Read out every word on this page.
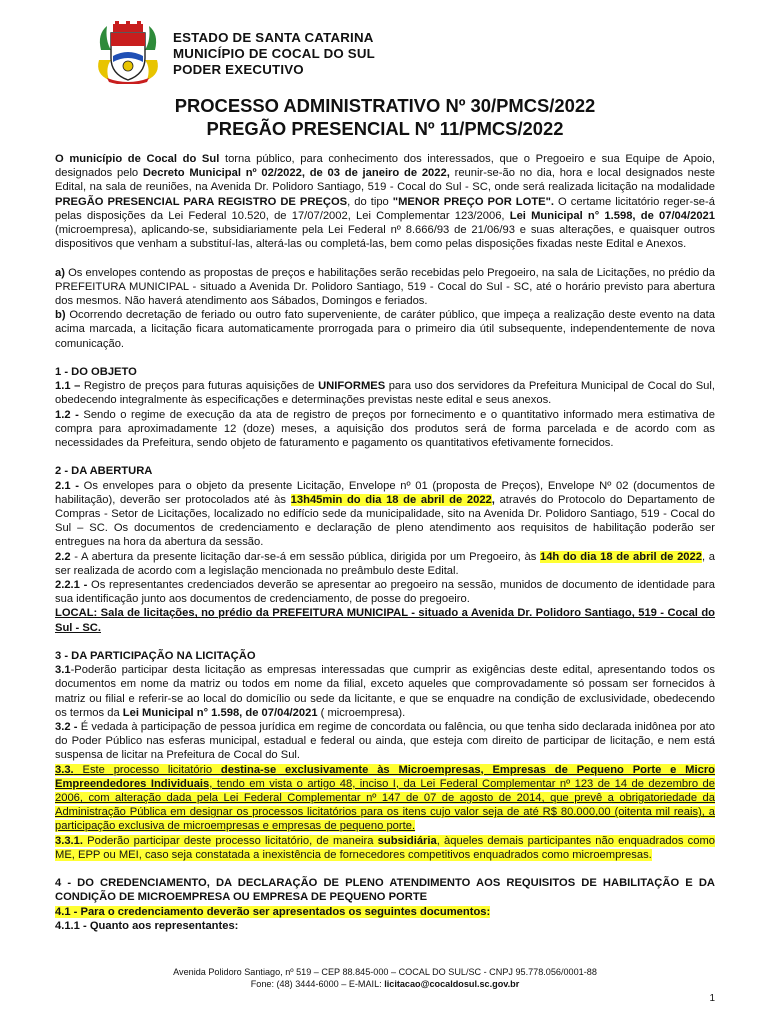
ESTADO DE SANTA CATARINA
MUNICÍPIO DE COCAL DO SUL
PODER EXECUTIVO
PROCESSO ADMINISTRATIVO Nº 30/PMCS/2022
PREGÃO PRESENCIAL Nº 11/PMCS/2022

O município de Cocal do Sul torna público, para conhecimento dos interessados, que o Pregoeiro e sua Equipe de Apoio, designados pelo Decreto Municipal nº 02/2022, de 03 de janeiro de 2022, reunir-se-ão no dia, hora e local designados neste Edital, na sala de reuniões, na Avenida Dr. Polidoro Santiago, 519 - Cocal do Sul - SC, onde será realizada licitação na modalidade PREGÃO PRESENCIAL PARA REGISTRO DE PREÇOS, do tipo "MENOR PREÇO POR LOTE". O certame licitatório reger-se-á pelas disposições da Lei Federal 10.520, de 17/07/2002, Lei Complementar 123/2006, Lei Municipal n° 1.598, de 07/04/2021 (microempresa), aplicando-se, subsidiariamente pela Lei Federal nº 8.666/93 de 21/06/93 e suas alterações, e quaisquer outros dispositivos que venham a substituí-las, alterá-las ou completá-las, bem como pelas disposições fixadas neste Edital e Anexos.

a) Os envelopes contendo as propostas de preços e habilitações serão recebidas pelo Pregoeiro, na sala de Licitações, no prédio da PREFEITURA MUNICIPAL - situado a Avenida Dr. Polidoro Santiago, 519 - Cocal do Sul - SC, até o horário previsto para abertura dos mesmos. Não haverá atendimento aos Sábados, Domingos e feriados.

b) Ocorrendo decretação de feriado ou outro fato superveniente, de caráter público, que impeça a realização deste evento na data acima marcada, a licitação ficara automaticamente prorrogada para o primeiro dia útil subsequente, independentemente de nova comunicação.

1 - DO OBJETO

1.1 – Registro de preços para futuras aquisições de UNIFORMES para uso dos servidores da Prefeitura Municipal de Cocal do Sul, obedecendo integralmente às especificações e determinações previstas neste edital e seus anexos.

1.2 - Sendo o regime de execução da ata de registro de preços por fornecimento e o quantitativo informado mera estimativa de compra para aproximadamente 12 (doze) meses, a aquisição dos produtos será de forma parcelada e de acordo com as necessidades da Prefeitura, sendo objeto de faturamento e pagamento os quantitativos efetivamente fornecidos.

2 - DA ABERTURA

2.1 - Os envelopes para o objeto da presente Licitação, Envelope nº 01 (proposta de Preços), Envelope Nº 02 (documentos de habilitação), deverão ser protocolados até às 13h45min do dia 18 de abril de 2022, através do Protocolo do Departamento de Compras - Setor de Licitações, localizado no edifício sede da municipalidade, sito na Avenida Dr. Polidoro Santiago, 519 - Cocal do Sul – SC. Os documentos de credenciamento e declaração de pleno atendimento aos requisitos de habilitação poderão ser entregues na hora da abertura da sessão.

2.2 - A abertura da presente licitação dar-se-á em sessão pública, dirigida por um Pregoeiro, às 14h do dia 18 de abril de 2022, a ser realizada de acordo com a legislação mencionada no preâmbulo deste Edital.

2.2.1 - Os representantes credenciados deverão se apresentar ao pregoeiro na sessão, munidos de documento de identidade para sua identificação junto aos documentos de credenciamento, de posse do pregoeiro.

LOCAL: Sala de licitações, no prédio da PREFEITURA MUNICIPAL - situado a Avenida Dr. Polidoro Santiago, 519 - Cocal do Sul - SC.

3 - DA PARTICIPAÇÃO NA LICITAÇÃO

3.1-Poderão participar desta licitação as empresas interessadas que cumprir as exigências deste edital, apresentando todos os documentos em nome da matriz ou todos em nome da filial, exceto aqueles que comprovadamente só possam ser fornecidos à matriz ou filial e referir-se ao local do domicílio ou sede da licitante, e que se enquadre na condição de exclusividade, obedecendo os termos da Lei Municipal n° 1.598, de 07/04/2021 ( microempresa).

3.2 - É vedada à participação de pessoa jurídica em regime de concordata ou falência, ou que tenha sido declarada inidônea por ato do Poder Público nas esferas municipal, estadual e federal ou ainda, que esteja com direito de participar de licitação, e nem está suspensa de licitar na Prefeitura de Cocal do Sul.

3.3. Este processo licitatório destina-se exclusivamente às Microempresas, Empresas de Pequeno Porte e Micro Empreendedores Individuais, tendo em vista o artigo 48, inciso I, da Lei Federal Complementar nº 123 de 14 de dezembro de 2006, com alteração dada pela Lei Federal Complementar nº 147 de 07 de agosto de 2014, que prevê a obrigatoriedade da Administração Pública em designar os processos licitatórios para os itens cujo valor seja de até R$ 80.000,00 (oitenta mil reais), a participação exclusiva de microempresas e empresas de pequeno porte.

3.3.1. Poderão participar deste processo licitatório, de maneira subsidiária, àqueles demais participantes não enquadrados como ME, EPP ou MEI, caso seja constatada a inexistência de fornecedores competitivos enquadrados como microempresas.

4 - DO CREDENCIAMENTO, DA DECLARAÇÃO DE PLENO ATENDIMENTO AOS REQUISITOS DE HABILITAÇÃO E DA CONDIÇÃO DE MICROEMPRESA OU EMPRESA DE PEQUENO PORTE

4.1 - Para o credenciamento deverão ser apresentados os seguintes documentos:

4.1.1 - Quanto aos representantes:

Avenida Polidoro Santiago, nº 519 – CEP 88.845-000 – COCAL DO SUL/SC - CNPJ 95.778.056/0001-88
Fone: (48) 3444-6000 – E-MAIL: licitacao@cocaldosul.sc.gov.br
1
